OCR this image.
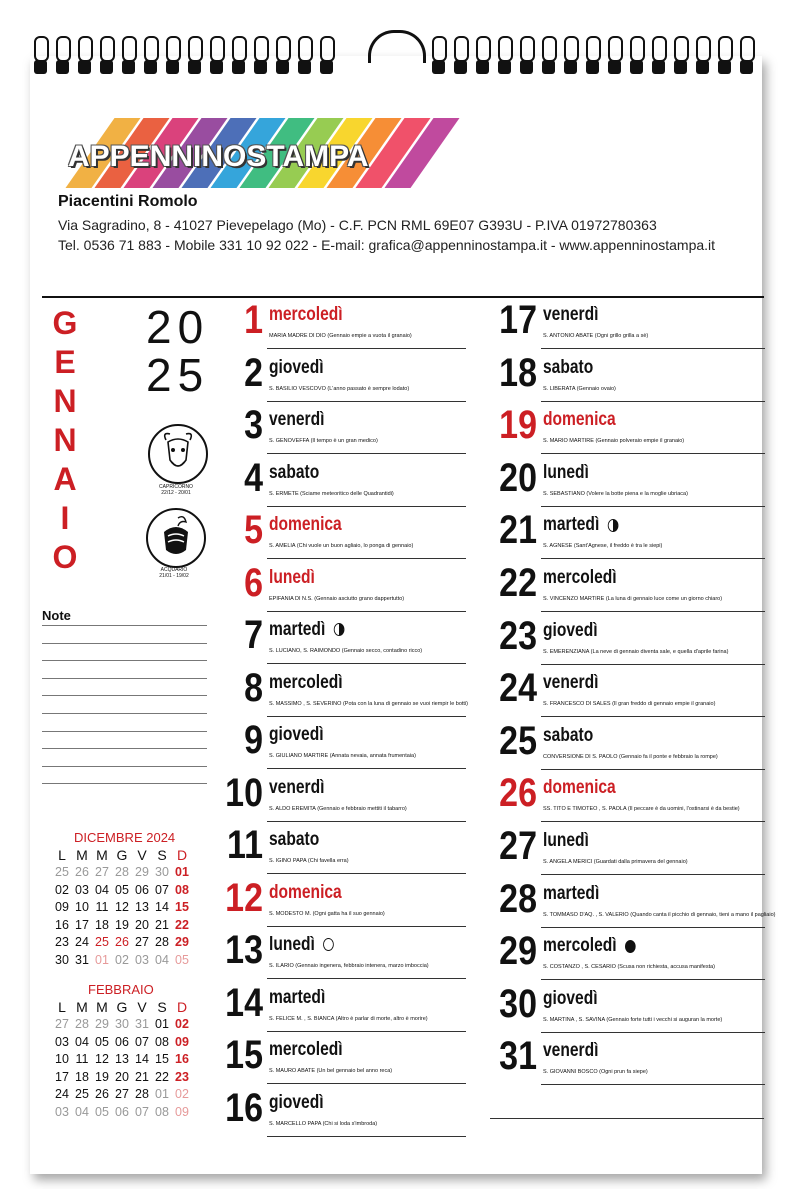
APPENNINOSTAMPA
Piacentini Romolo
Via Sagradino, 8 - 41027 Pievepelago (Mo) - C.F. PCN RML 69E07 G393U - P.IVA 01972780363
Tel. 0536 71 883 - Mobile 331 10 92 022 - E-mail: grafica@appenninostampa.it - www.appenninostampa.it
G
E
N
N
A
I
O
20
25
CAPRICORNO
22/12 - 20/01
ACQUARIO
21/01 - 19/02
Note
DICEMBRE 2024
L M M G V S D
25 26 27 28 29 30 01
02 03 04 05 06 07 08
09 10 11 12 13 14 15
16 17 18 19 20 21 22
23 24 25 26 27 28 29
30 31 01 02 03 04 05
FEBBRAIO
L M M G V S D
27 28 29 30 31 01 02
03 04 05 06 07 08 09
10 11 12 13 14 15 16
17 18 19 20 21 22 23
24 25 26 27 28 01 02
03 04 05 06 07 08 09
1 mercoledì
MARIA MADRE DI DIO (Gennaio empie a vuota il granaio)
2 giovedì
S. BASILIO VESCOVO (L'anno passato è sempre lodato)
3 venerdì
S. GENOVEFFA (Il tempo è un gran medico)
4 sabato
S. ERMETE (Sciame meteoritico delle Quadrantidi)
5 domenica
S. AMELIA (Chi vuole un buon agliaio, lo ponga di gennaio)
6 lunedì
EPIFANIA DI N.S. (Gennaio asciutto grano dappertutto)
7 martedì
S. LUCIANO, S. RAIMONDO (Gennaio secco, contadino ricco)
8 mercoledì
S. MASSIMO , S. SEVERINO (Pota con la luna di gennaio se vuoi riempir le botti)
9 giovedì
S. GIULIANO MARTIRE (Annata nevaia, annata frumentaia)
10 venerdì
S. ALDO EREMITA (Gennaio e febbraio mettiti il tabarro)
11 sabato
S. IGINO PAPA (Chi favella erra)
12 domenica
S. MODESTO M. (Ogni gatta ha il suo gennaio)
13 lunedì
S. ILARIO (Gennaio ingenera, febbraio intenera, marzo imboccia)
14 martedì
S. FELICE M. , S. BIANCA (Altro è parlar di morte, altro è morire)
15 mercoledì
S. MAURO ABATE (Un bel gennaio bel anno reca)
16 giovedì
S. MARCELLO PAPA (Chi si loda s'imbroda)
17 venerdì
S. ANTONIO ABATE (Ogni grillo grilla a sè)
18 sabato
S. LIBERATA (Gennaio ovaio)
19 domenica
S. MARIO MARTIRE (Gennaio polveraio empie il granaio)
20 lunedì
S. SEBASTIANO (Volere la botte piena e la moglie ubriaca)
21 martedì
S. AGNESE (Sant'Agnese, il freddo è tra le siepi)
22 mercoledì
S. VINCENZO MARTIRE (La luna di gennaio luce come un giorno chiaro)
23 giovedì
S. EMERENZIANA (La neve di gennaio diventa sale, e quella d'aprile farina)
24 venerdì
S. FRANCESCO DI SALES (Il gran freddo di gennaio empie il granaio)
25 sabato
CONVERSIONE DI S. PAOLO (Gennaio fa il ponte e febbraio la rompe)
26 domenica
SS. TITO E TIMOTEO , S. PAOLA (Il peccare è da uomini, l'ostinarsi è da bestie)
27 lunedì
S. ANGELA MERICI (Guardati dalla primavera del gennaio)
28 martedì
S. TOMMASO D'AQ. , S. VALERIO (Quando canta il picchio di gennaio, tieni a mano il pagliaio)
29 mercoledì
S. COSTANZO , S. CESARIO (Scusa non richiesta, accusa manifesta)
30 giovedì
S. MARTINA , S. SAVINA (Gennaio forte tutti i vecchi si auguran la morte)
31 venerdì
S. GIOVANNI BOSCO (Ogni prun fa siepe)
